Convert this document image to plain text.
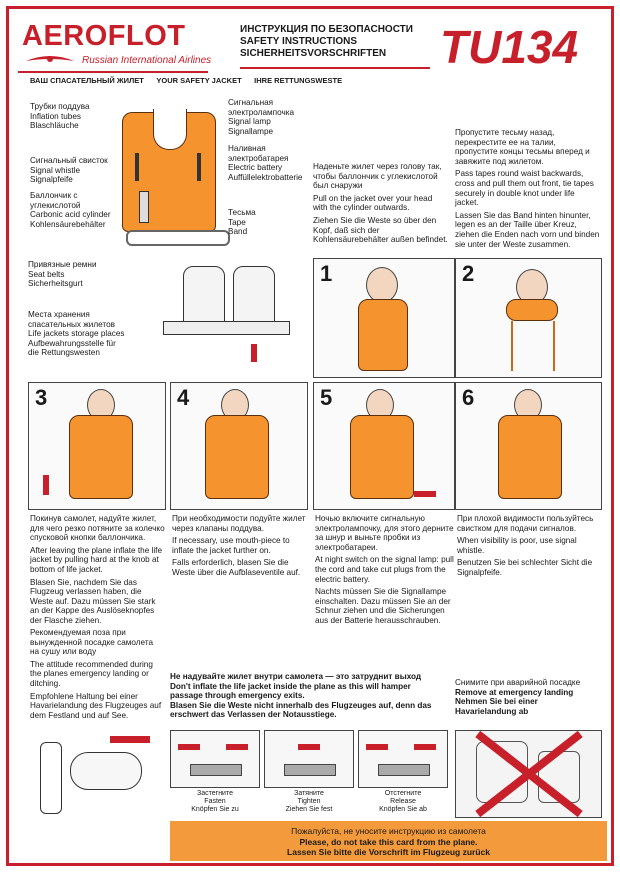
AEROFLOT
Russian International Airlines
ИНСТРУКЦИЯ ПО БЕЗОПАСНОСТИ
SAFETY INSTRUCTIONS
SICHERHEITSVORSCHRIFTEN	TU134
ВАШ СПАСАТЕЛЬНЫЙ ЖИЛЕТ      YOUR SAFETY JACKET      IHRE RETTUNGSWESTE
Трубки поддува
Inflation tubes
Blaschläuche
Сигнальный свисток
Signal whistle
Signalpfeife
Баллончик с углекислотой
Carbonic acid cylinder
Kohlensäurebehälter
Сигнальная электролампочка
Signal lamp
Signallampe
Наливная электробатарея
Electric battery
Auffüllelektrobatterie
Тесьма
Tape
Band
Наденьте жилет через голову так, чтобы баллончик с углекислотой был снаружи
Pull on the jacket over your head with the cylinder outwards.
Ziehen Sie die Weste so über den Kopf, daß sich der Kohlensäurebehälter außen befindet.
Пропустите тесьму назад, перекрестите ее на талии, пропустите концы тесьмы вперед и завяжите под жилетом.
Pass tapes round waist backwards, cross and pull them out front, tie tapes securely in double knot under life jacket.
Lassen Sie das Band hinten hinunter, legen es an der Taille über Kreuz, ziehen die Enden nach vorn und binden sie unter der Weste zusammen.
Привязные ремни
Seat belts
Sicherheitsgurt
Места хранения спасательных жилетов
Life jackets storage places
Aufbewahrungsstelle für die Rettungswesten
1	2
3	4	5	6
Покинув самолет, надуйте жилет, для чего резко потяните за колечко спусковой кнопки баллончика.
After leaving the plane inflate the life jacket by pulling hard at the knob at bottom of life jacket.
Blasen Sie, nachdem Sie das Flugzeug verlassen haben, die Weste auf. Dazu müssen Sie stark an der Kappe des Auslöseknopfes der Flasche ziehen.
При необходимости подуйте жилет через клапаны поддува.
If necessary, use mouth-piece to inflate the jacket further on.
Falls erforderlich, blasen Sie die Weste über die Aufblaseventile auf.
Ночью включите сигнальную электролампочку, для этого дерните за шнур и выньте пробки из электробатареи.
At night switch on the signal lamp: pull the cord and take cut plugs from the electric battery.
Nachts müssen Sie die Signallampe einschalten. Dazu müssen Sie an der Schnur ziehen und die Sicherungen aus der Batterie herausschrauben.
При плохой видимости пользуйтесь свистком для подачи сигналов.
When visibility is poor, use signal whistle.
Benutzen Sie bei schlechter Sicht die Signalpfeife.
Рекомендуемая поза при вынужденной посадке самолета на сушу или воду
The attitude recommended during the planes emergency landing or ditching.
Empfohlene Haltung bei einer Havarielandung des Flugzeuges auf dem Festland und auf See.
Не надувайте жилет внутри самолета — это затруднит выход
Don't inflate the life jacket inside the plane as this will hamper passage through emergency exits.
Blasen Sie die Weste nicht innerhalb des Flugzeuges auf, denn das erschwert das Verlassen der Notausstiege.
Застегните
Fasten
Knöpfen Sie zu
Затяните
Tighten
Ziehen Sie fest
Отстегните
Release
Knöpfen Sie ab
Снимите при аварийной посадке
Remove at emergency landing
Nehmen Sie bei einer Havarielandung ab
Пожалуйста, не уносите инструкцию из самолета
Please, do not take this card from the plane.
Lassen Sie bitte die Vorschrift im Flugzeug zurück
